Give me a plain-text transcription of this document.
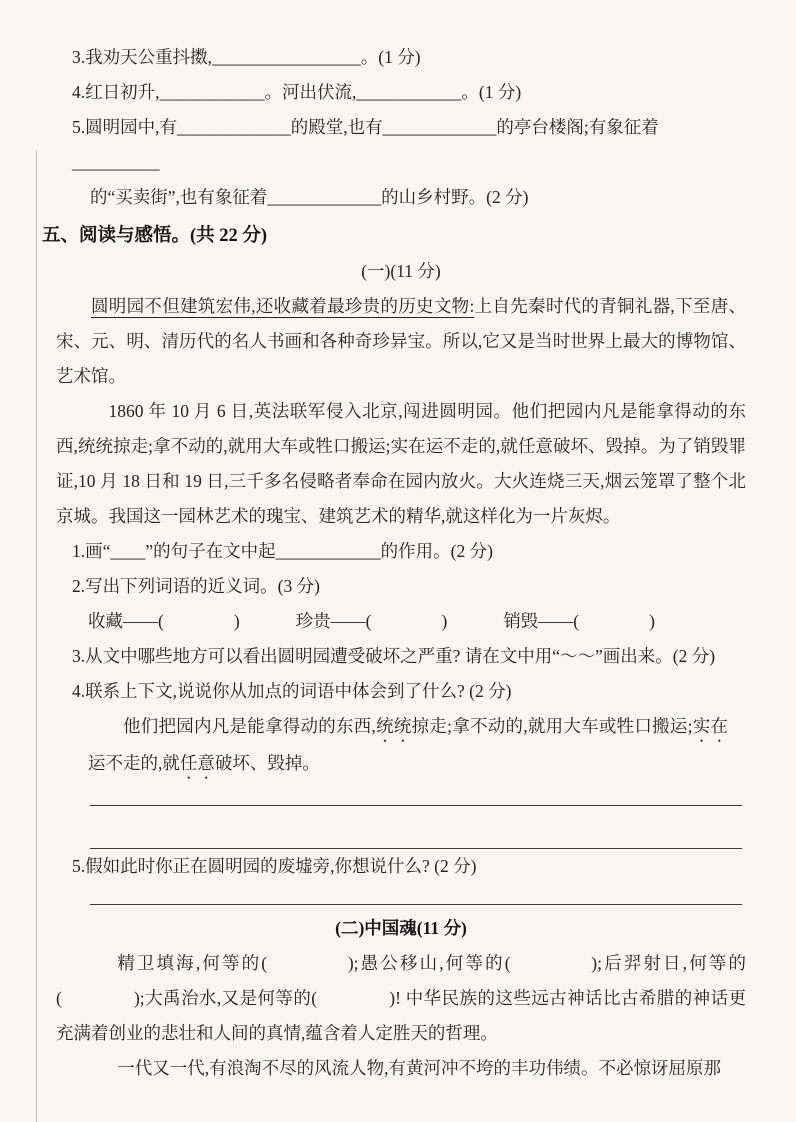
3.我劝天公重抖擞,_________________。(1 分)
4.红日初升,____________。河出伏流,____________。(1 分)
5.圆明园中,有_____________的殿堂,也有_____________的亭台楼阁;有象征着__________
的“买卖街”,也有象征着_____________的山乡村野。(2 分)
五、阅读与感悟。(共 22 分)
(一)(11 分)

圆明园不但建筑宏伟,还收藏着最珍贵的历史文物:上自先秦时代的青铜礼器,下至唐、宋、元、明、清历代的名人书画和各种奇珍异宝。所以,它又是当时世界上最大的博物馆、艺术馆。

1860 年 10 月 6 日,英法联军侵入北京,闯进圆明园。他们把园内凡是能拿得动的东西,统统掠走;拿不动的,就用大车或牲口搬运;实在运不走的,就任意破坏、毁掉。为了销毁罪证,10 月 18 日和 19 日,三千多名侵略者奉命在园内放火。大火连烧三天,烟云笼罩了整个北京城。我国这一园林艺术的瑰宝、建筑艺术的精华,就这样化为一片灰烬。

1.画“____”的句子在文中起____________的作用。(2 分)
2.写出下列词语的近义词。(3 分)
收藏——(　　　　)	珍贵——(　　　　)	销毁——(　　　　)
3.从文中哪些地方可以看出圆明园遭受破坏之严重? 请在文中用“～～”画出来。(2 分)
4.联系上下文,说说你从加点的词语中体会到了什么? (2 分)

他们把园内凡是能拿得动的东西,统统掠走;拿不动的,就用大车或牲口搬运;实在运不走的,就任意破坏、毁掉。

5.假如此时你正在圆明园的废墟旁,你想说什么? (2 分)
(二)中国魂(11 分)

精卫填海,何等的(　　　　);愚公移山,何等的(　　　　);后羿射日,何等的(　　　　);大禹治水,又是何等的(　　　　)! 中华民族的这些远古神话比古希腊的神话更充满着创业的悲壮和人间的真情,蕴含着人定胜天的哲理。

一代又一代,有浪淘不尽的风流人物,有黄河冲不垮的丰功伟绩。不必惊讶屈原那
